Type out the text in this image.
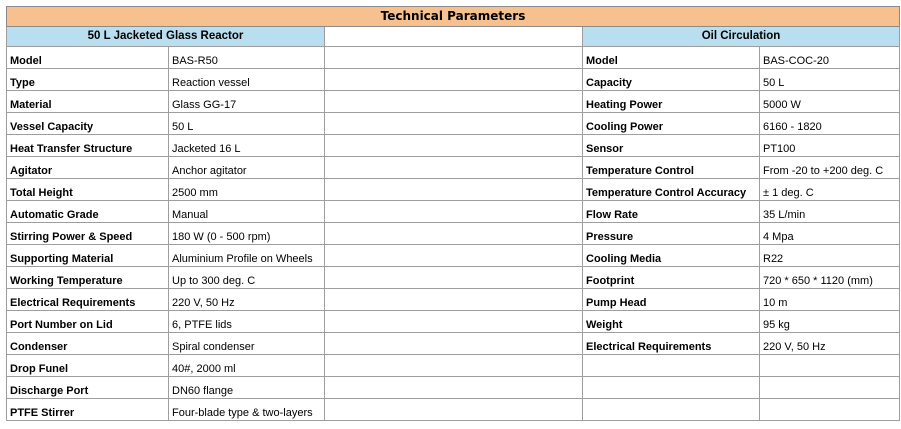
Technical Parameters				
50 L Jacketed Glass Reactor			Oil Circulation	
Model	BAS-R50		Model	BAS-COC-20
Type	Reaction vessel		Capacity	50 L
Material	Glass GG-17		Heating Power	5000 W
Vessel Capacity	50 L		Cooling Power	6160 - 1820
Heat Transfer Structure	Jacketed 16 L		Sensor	PT100
Agitator	Anchor agitator		Temperature Control	From -20 to +200 deg. C
Total Height	2500 mm		Temperature Control Accuracy	± 1 deg. C
Automatic Grade	Manual		Flow Rate	35 L/min
Stirring Power & Speed	180 W (0 - 500 rpm)		Pressure	4 Mpa
Supporting Material	Aluminium Profile on Wheels		Cooling Media	R22
Working Temperature	Up to 300 deg. C		Footprint	720 * 650 * 1120 (mm)
Electrical Requirements	220 V, 50 Hz		Pump Head	10 m
Port Number on Lid	6, PTFE lids		Weight	95 kg
Condenser	Spiral condenser		Electrical Requirements	220 V, 50 Hz
Drop Funel	40#, 2000 ml			
Discharge Port	DN60 flange			
PTFE Stirrer	Four-blade type & two-layers			
